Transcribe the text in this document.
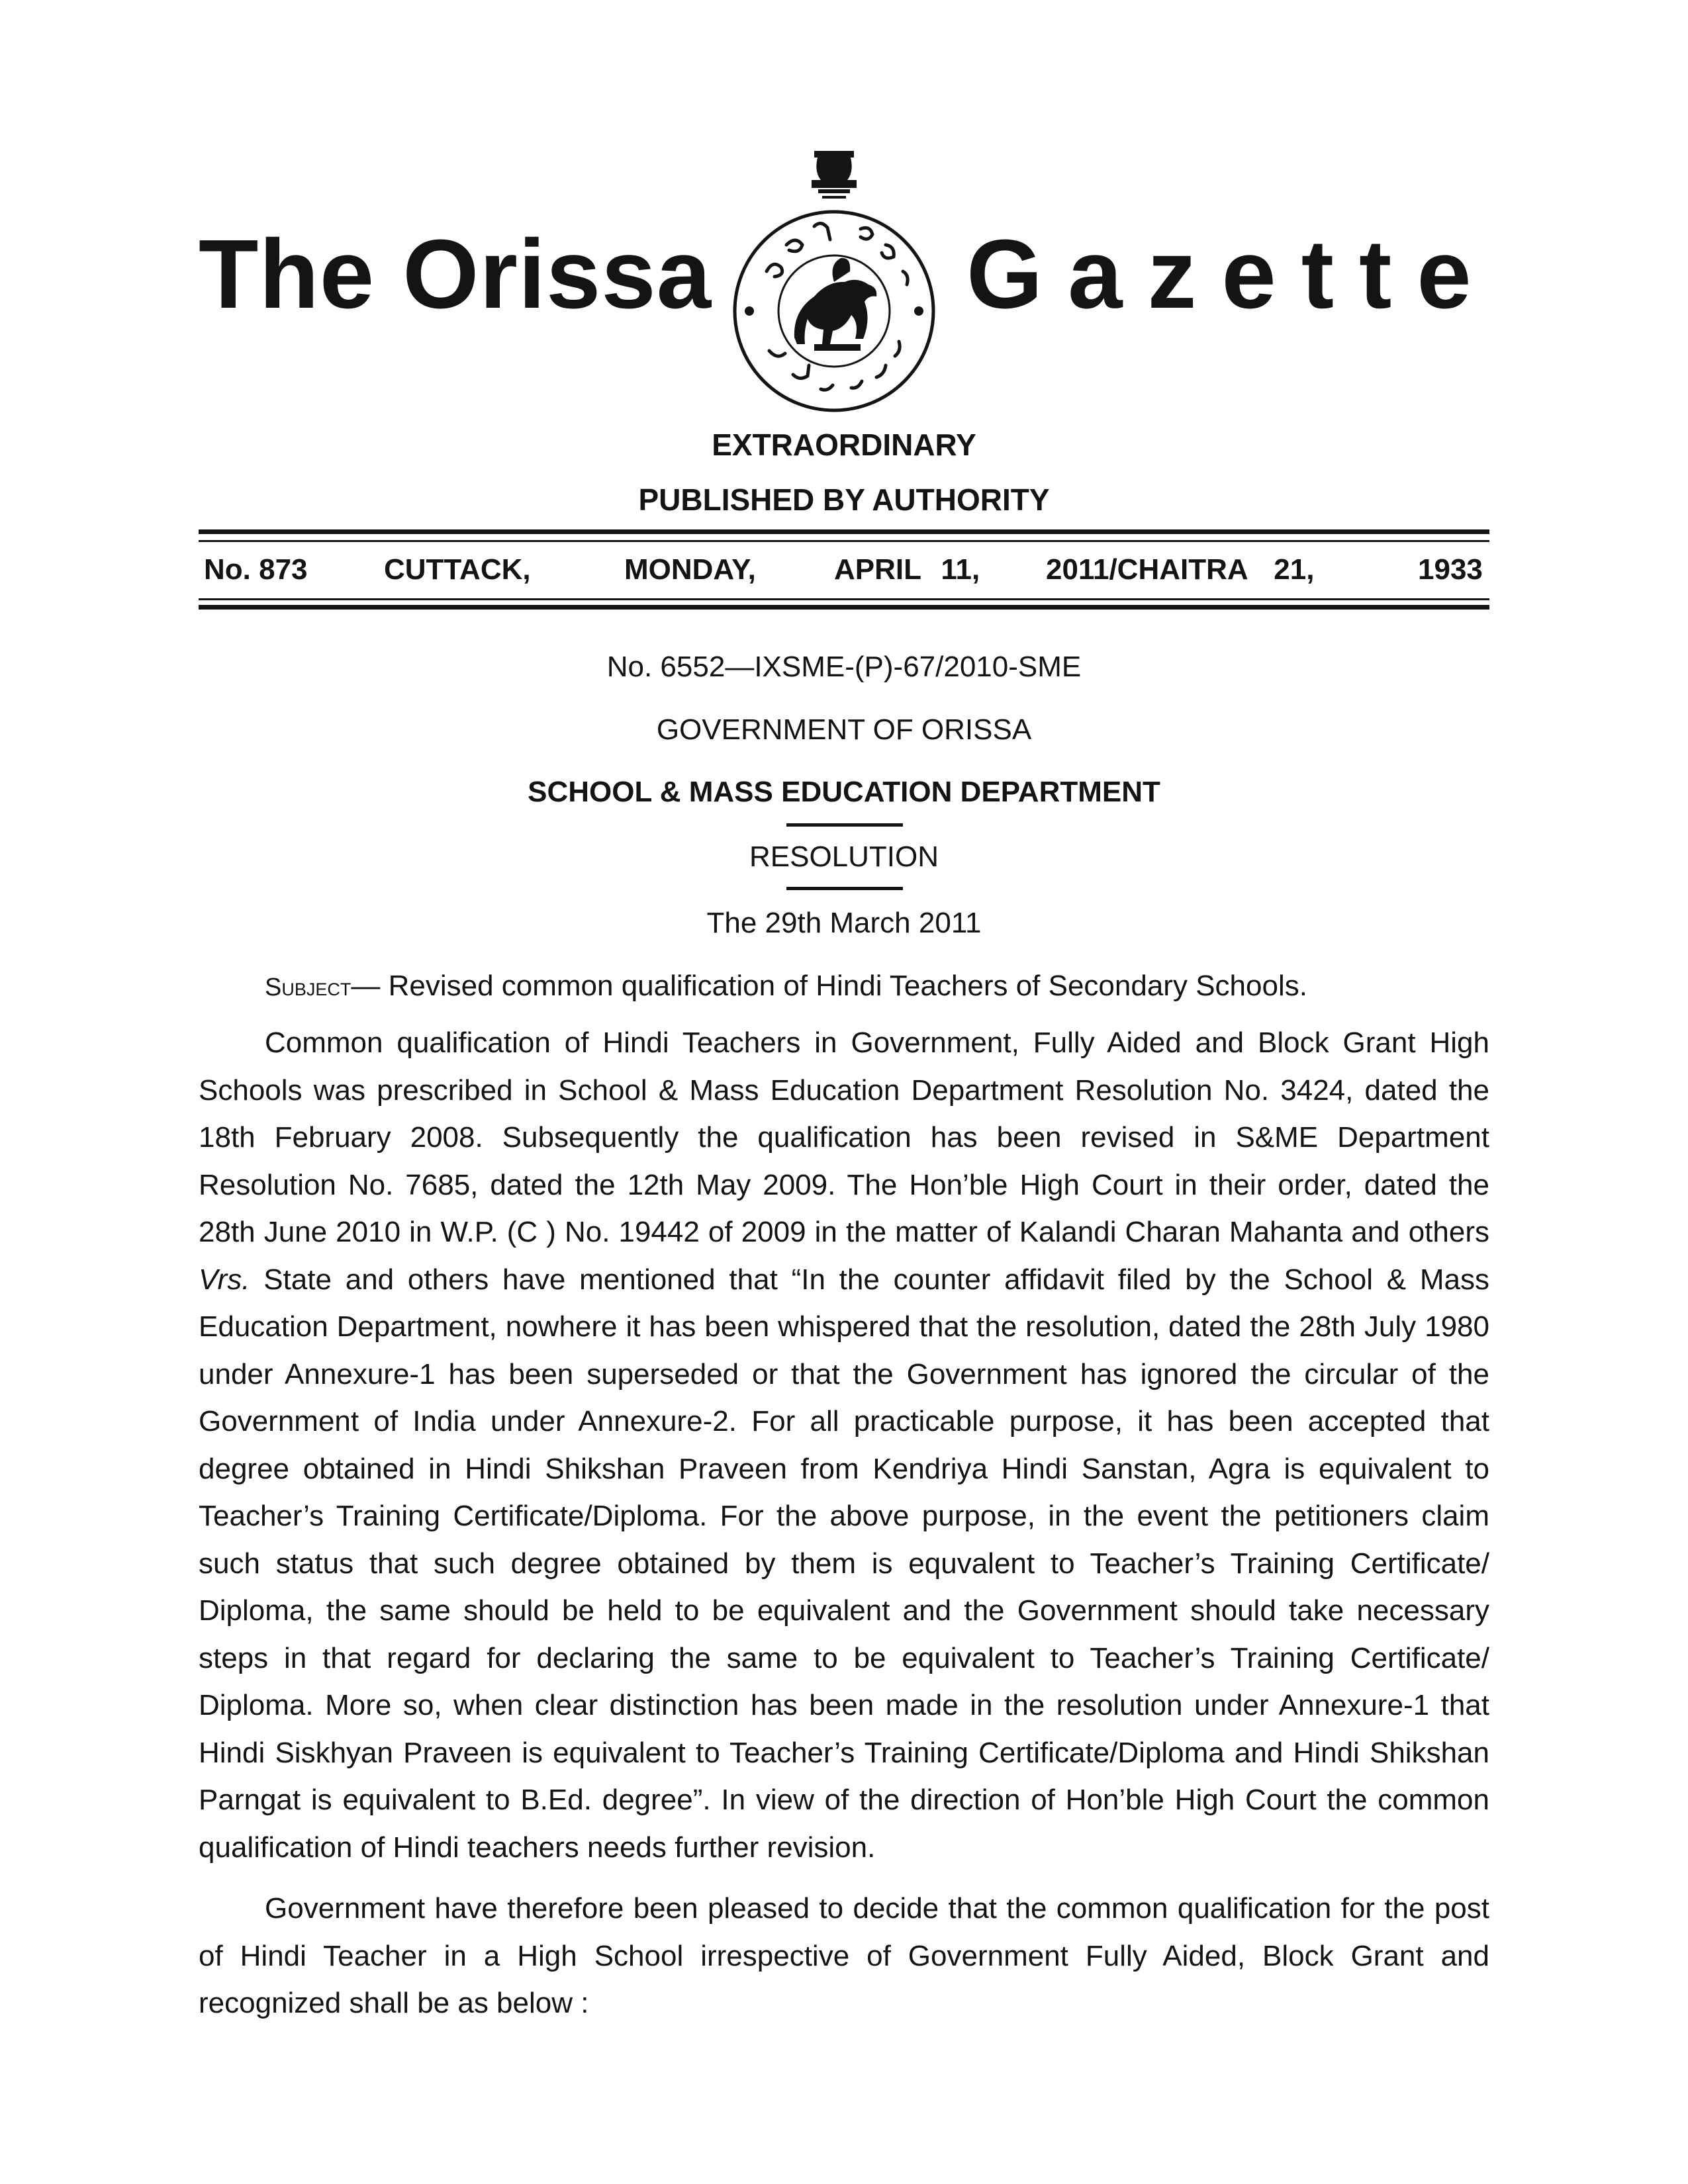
The Orissa	Gazette
EXTRAORDINARY
PUBLISHED BY AUTHORITY
No. 873	CUTTACK,	MONDAY,	APRIL 11, 2011/CHAITRA 21,	1933
No. 6552—IXSME-(P)-67/2010-SME
GOVERNMENT OF ORISSA
SCHOOL & MASS EDUCATION DEPARTMENT
RESOLUTION
The 29th March 2011
Subject— Revised common qualification of Hindi Teachers of Secondary Schools.

Common qualification of Hindi Teachers in Government, Fully Aided and Block Grant High Schools was prescribed in School & Mass Education Department Resolution No. 3424, dated the 18th February 2008. Subsequently the qualification has been revised in S&ME Department Resolution No. 7685, dated the 12th May 2009. The Hon’ble High Court in their order, dated the 28th June 2010 in W.P. (C ) No. 19442 of 2009 in the matter of Kalandi Charan Mahanta and others Vrs. State and others have mentioned that “In the counter affidavit filed by the School & Mass Education Department, nowhere it has been whispered that the resolution, dated the 28th July 1980 under Annexure-1 has been superseded or that the Government has ignored the circular of the Government of India under Annexure-2. For all practicable purpose, it has been accepted that degree obtained in Hindi Shikshan Praveen from Kendriya Hindi Sanstan, Agra is equivalent to Teacher’s Training Certificate/Diploma. For the above purpose, in the event the petitioners claim such status that such degree obtained by them is equvalent to Teacher’s Training Certificate/ Diploma, the same should be held to be equivalent and the Government should take necessary steps in that regard for declaring the same to be equivalent to Teacher’s Training Certificate/ Diploma. More so, when clear distinction has been made in the resolution under Annexure-1 that Hindi Siskhyan Praveen is equivalent to Teacher’s Training Certificate/Diploma and Hindi Shikshan Parngat is equivalent to B.Ed. degree”. In view of the direction of Hon’ble High Court the common qualification of Hindi teachers needs further revision.

Government have therefore been pleased to decide that the common qualification for the post of Hindi Teacher in a High School irrespective of Government Fully Aided, Block Grant and recognized shall be as below :
